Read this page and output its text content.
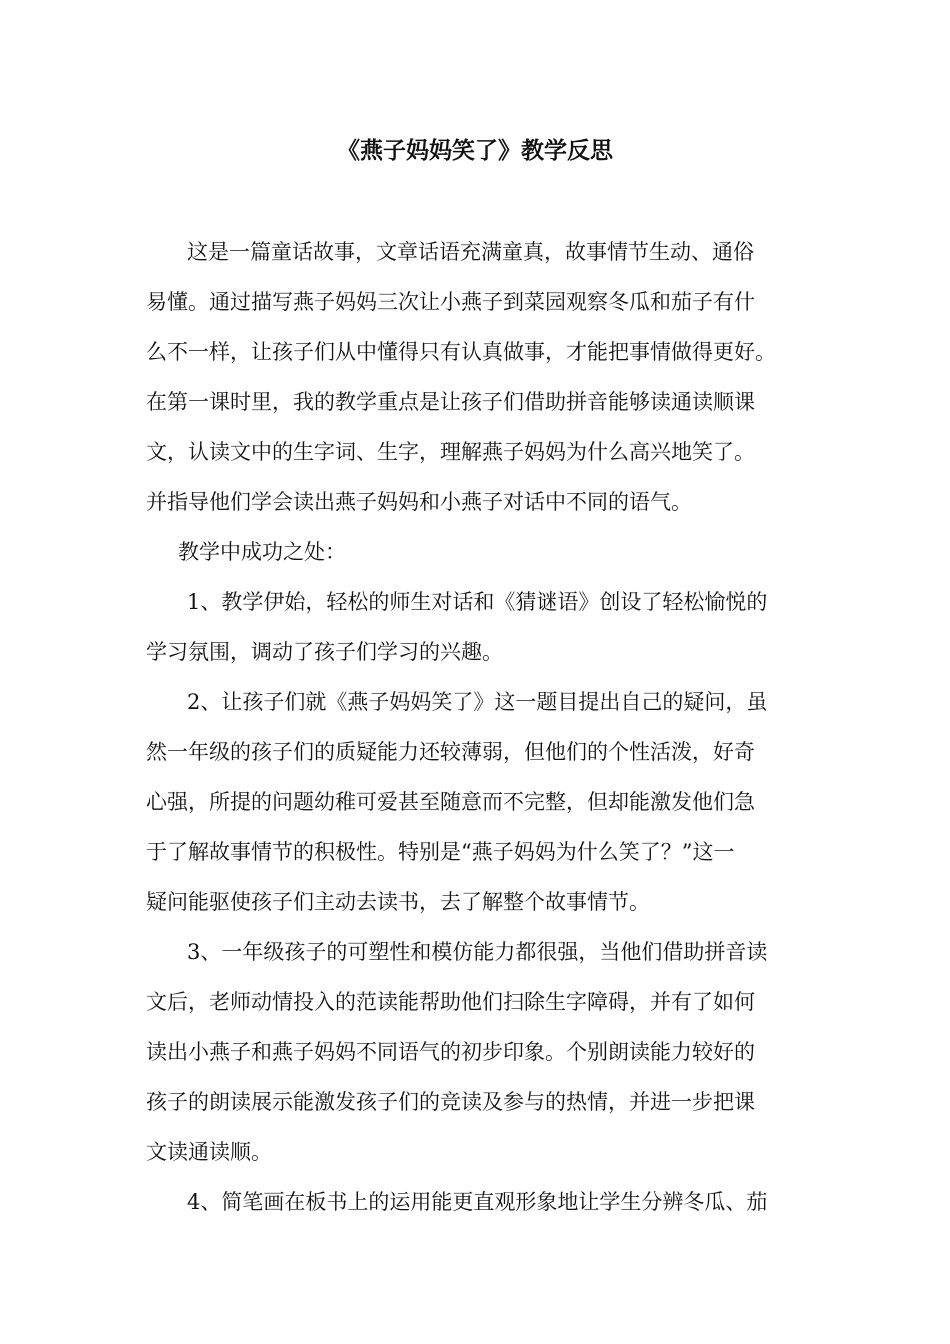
《燕子妈妈笑了》教学反思
这是一篇童话故事，文章话语充满童真，故事情节生动、通俗
易懂。通过描写燕子妈妈三次让小燕子到菜园观察冬瓜和茄子有什
么不一样，让孩子们从中懂得只有认真做事，才能把事情做得更好。
在第一课时里，我的教学重点是让孩子们借助拼音能够读通读顺课
文，认读文中的生字词、生字，理解燕子妈妈为什么高兴地笑了。
并指导他们学会读出燕子妈妈和小燕子对话中不同的语气。
教学中成功之处：
1、教学伊始，轻松的师生对话和《猜谜语》创设了轻松愉悦的
学习氛围，调动了孩子们学习的兴趣。
2、让孩子们就《燕子妈妈笑了》这一题目提出自己的疑问，虽
然一年级的孩子们的质疑能力还较薄弱，但他们的个性活泼，好奇
心强，所提的问题幼稚可爱甚至随意而不完整，但却能激发他们急
于了解故事情节的积极性。特别是“燕子妈妈为什么笑了？”这一
疑问能驱使孩子们主动去读书，去了解整个故事情节。
3、一年级孩子的可塑性和模仿能力都很强，当他们借助拼音读
文后，老师动情投入的范读能帮助他们扫除生字障碍，并有了如何
读出小燕子和燕子妈妈不同语气的初步印象。个别朗读能力较好的
孩子的朗读展示能激发孩子们的竞读及参与的热情，并进一步把课
文读通读顺。
4、简笔画在板书上的运用能更直观形象地让学生分辨冬瓜、茄
